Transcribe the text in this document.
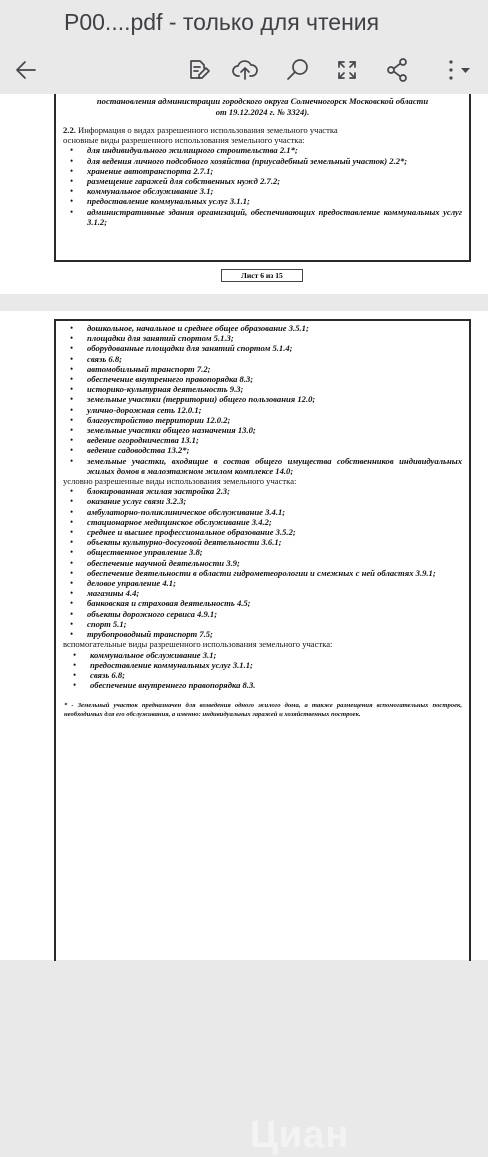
P00....pdf - только для чтения
постановления администрации городского округа Солнечногорск Московской области
от 19.12.2024 г. № 3324).
2.2. Информация о видах разрешенного использования земельного участка
основные виды разрешенного использования земельного участка:
• для индивидуального жилищного строительства 2.1*;
• для ведения личного подсобного хозяйства (приусадебный земельный участок) 2.2*;
• хранение автотранспорта 2.7.1;
• размещение гаражей для собственных нужд 2.7.2;
• коммунальное обслуживание 3.1;
• предоставление коммунальных услуг 3.1.1;
• административные здания организаций, обеспечивающих предоставление коммунальных услуг 3.1.2;
Лист 6 из 15
• дошкольное, начальное и среднее общее образование 3.5.1;
• площадки для занятий спортом 5.1.3;
• оборудованные площадки для занятий спортом 5.1.4;
• связь 6.8;
• автомобильный транспорт 7.2;
• обеспечение внутреннего правопорядка 8.3;
• историко-культурная деятельность 9.3;
• земельные участки (территории) общего пользования 12.0;
• улично-дорожная сеть 12.0.1;
• благоустройство территории 12.0.2;
• земельные участки общего назначения 13.0;
• ведение огородничества 13.1;
• ведение садоводства 13.2*;
• земельные участки, входящие в состав общего имущества собственников индивидуальных жилых домов в малоэтажном жилом комплексе 14.0;
условно разрешенные виды использования земельного участка:
• блокированная жилая застройка 2.3;
• оказание услуг связи 3.2.3;
• амбулаторно-поликлиническое обслуживание 3.4.1;
• стационарное медицинское обслуживание 3.4.2;
• среднее и высшее профессиональное образование 3.5.2;
• объекты культурно-досуговой деятельности 3.6.1;
• общественное управление 3.8;
• обеспечение научной деятельности 3.9;
• обеспечение деятельности в области гидрометеорологии и смежных с ней областях 3.9.1;
• деловое управление 4.1;
• магазины 4.4;
• банковская и страховая деятельность 4.5;
• объекты дорожного сервиса 4.9.1;
• спорт 5.1;
• трубопроводный транспорт 7.5;
вспомогательные виды разрешенного использования земельного участка:
• коммунальное обслуживание 3.1;
• предоставление коммунальных услуг 3.1.1;
• связь 6.8;
• обеспечение внутреннего правопорядка 8.3.
* - Земельный участок предназначен для возведения одного жилого дома, а также размещения вспомогательных построек, необходимых для его обслуживания, а именно: индивидуальных гаражей и хозяйственных построек.
Циан
